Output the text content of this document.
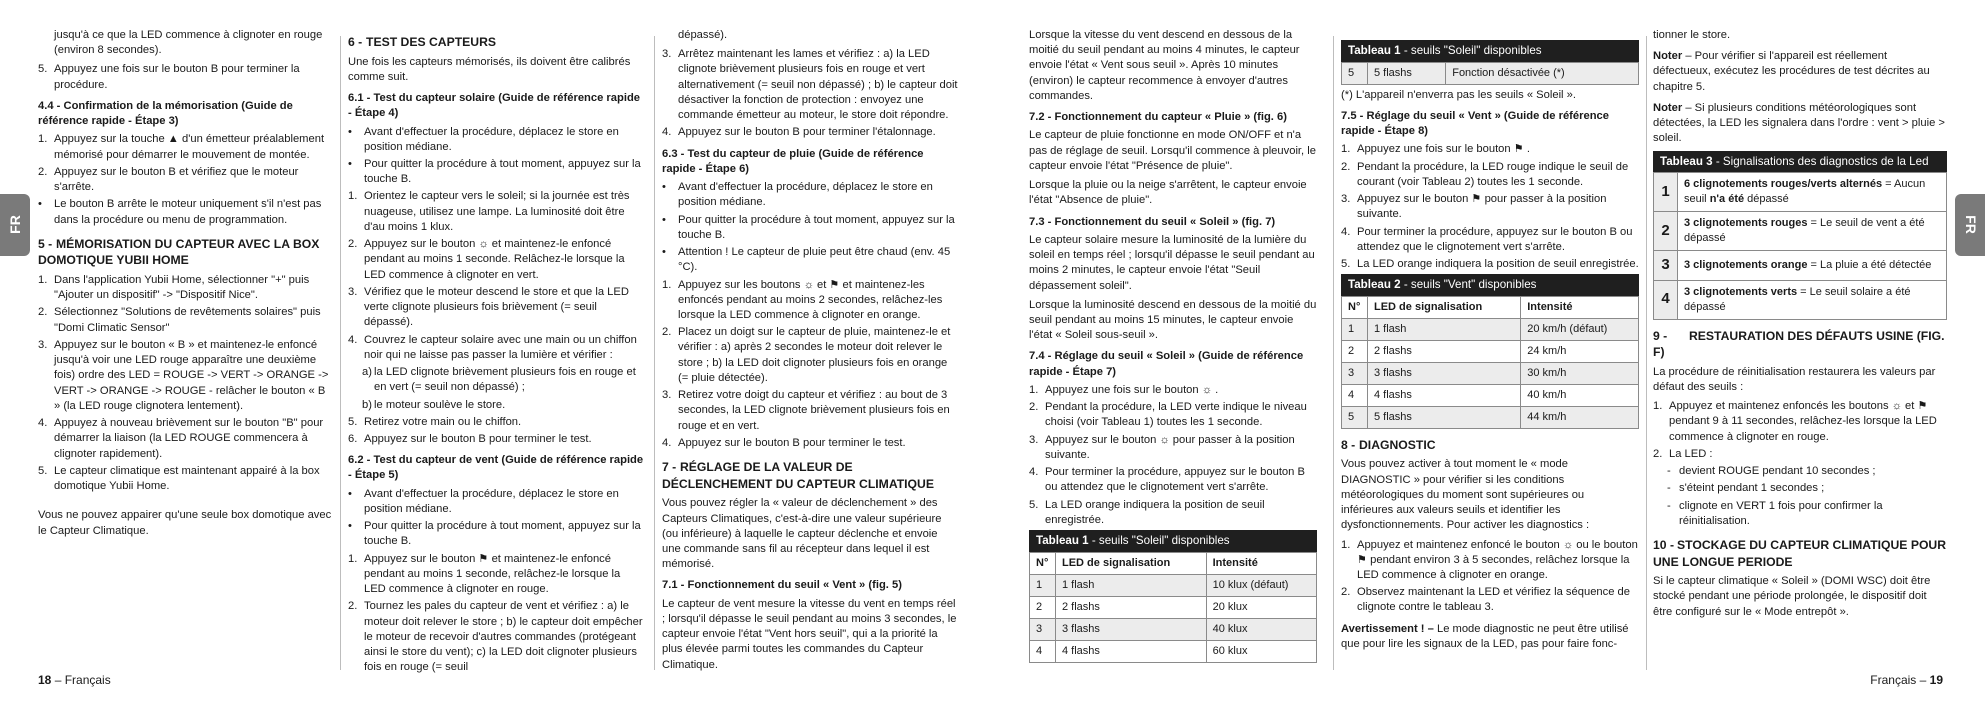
FR

jusqu'à ce que la LED commence à clignoter en rouge (environ 8 secondes).

5. Appuyez une fois sur le bouton B pour terminer la procédure.
4.4 - Confirmation de la mémorisation (Guide de référence rapide - Étape 3)
1. Appuyez sur la touche ▲ d'un émetteur préalablement mémorisé pour démarrer le mouvement de montée.
2. Appuyez sur le bouton B et vérifiez que le moteur s'arrête.
• Le bouton B arrête le moteur uniquement s'il n'est pas dans la procédure ou menu de programmation.
5 - MÉMORISATION DU CAPTEUR AVEC LA BOX DOMOTIQUE YUBII HOME
1. Dans l'application Yubii Home, sélectionner "+" puis "Ajouter un dispositif" -> "Dispositif Nice".
2. Sélectionnez "Solutions de revêtements solaires" puis "Domi Climatic Sensor"
3. Appuyez sur le bouton « B » et maintenez-le enfoncé jusqu'à voir une LED rouge apparaître une deuxième fois) ordre des LED = ROUGE -> VERT -> ORANGE -> VERT -> ORANGE -> ROUGE - relâcher le bouton « B » (la LED rouge clignotera lentement).
4. Appuyez à nouveau brièvement sur le bouton "B" pour démarrer la liaison (la LED ROUGE commencera à clignoter rapidement).
5. Le capteur climatique est maintenant appairé à la box domotique Yubii Home.

Vous ne pouvez appairer qu'une seule box domotique avec le Capteur Climatique.

6 - TEST DES CAPTEURS

Une fois les capteurs mémorisés, ils doivent être calibrés comme suit.

6.1 - Test du capteur solaire (Guide de référence rapide - Étape 4)
• Avant d'effectuer la procédure, déplacez le store en position médiane.
• Pour quitter la procédure à tout moment, appuyez sur la touche B.
1. Orientez le capteur vers le soleil; si la journée est très nuageuse, utilisez une lampe. La luminosité doit être d'au moins 1 klux.
2. Appuyez sur le bouton ☼ et maintenez-le enfoncé pendant au moins 1 seconde. Relâchez-le lorsque la LED commence à clignoter en vert.
3. Vérifiez que le moteur descend le store et que la LED verte clignote plusieurs fois brièvement (= seuil dépassé).
4. Couvrez le capteur solaire avec une main ou un chiffon noir qui ne laisse pas passer la lumière et vérifier :
a) la LED clignote brièvement plusieurs fois en rouge et en vert (= seuil non dépassé) ;
b) le moteur soulève le store.
5. Retirez votre main ou le chiffon.
6. Appuyez sur le bouton B pour terminer le test.
6.2 - Test du capteur de vent (Guide de référence rapide - Étape 5)
• Avant d'effectuer la procédure, déplacez le store en position médiane.
• Pour quitter la procédure à tout moment, appuyez sur la touche B.
1. Appuyez sur le bouton ⚑ et maintenez-le enfoncé pendant au moins 1 seconde, relâchez-le lorsque la LED commence à clignoter en rouge.
2. Tournez les pales du capteur de vent et vérifiez : a) le moteur doit relever le store ; b) le capteur doit empêcher le moteur de recevoir d'autres commandes (protégeant ainsi le store du vent); c) la LED doit clignoter plusieurs fois en rouge (= seuil

dépassé).

3. Arrêtez maintenant les lames et vérifiez : a) la LED clignote brièvement plusieurs fois en rouge et vert alternativement (= seuil non dépassé) ; b) le capteur doit désactiver la fonction de protection : envoyez une commande émetteur au moteur, le store doit répondre.
4. Appuyez sur le bouton B pour terminer l'étalonnage.
6.3 - Test du capteur de pluie (Guide de référence rapide - Étape 6)
• Avant d'effectuer la procédure, déplacez le store en position médiane.
• Pour quitter la procédure à tout moment, appuyez sur la touche B.
• Attention ! Le capteur de pluie peut être chaud (env. 45 °C).
1. Appuyez sur les boutons ☼ et ⚑ et maintenez-les enfoncés pendant au moins 2 secondes, relâchez-les lorsque la LED commence à clignoter en orange.
2. Placez un doigt sur le capteur de pluie, maintenez-le et vérifier : a) après 2 secondes le moteur doit relever le store ; b) la LED doit clignoter plusieurs fois en orange (= pluie détectée).
3. Retirez votre doigt du capteur et vérifiez : au bout de 3 secondes, la LED clignote brièvement plusieurs fois en rouge et en vert.
4. Appuyez sur le bouton B pour terminer le test.
7 - RÉGLAGE DE LA VALEUR DE DÉCLENCHEMENT DU CAPTEUR CLIMATIQUE

Vous pouvez régler la « valeur de déclenchement » des Capteurs Climatiques, c'est-à-dire une valeur supérieure (ou inférieure) à laquelle le capteur déclenche et envoie une commande sans fil au récepteur dans lequel il est mémorisé.

7.1 - Fonctionnement du seuil « Vent » (fig. 5)

Le capteur de vent mesure la vitesse du vent en temps réel ; lorsqu'il dépasse le seuil pendant au moins 3 secondes, le capteur envoie l'état "Vent hors seuil", qui a la priorité la plus élevée parmi toutes les commandes du Capteur Climatique.

18 – Français

Lorsque la vitesse du vent descend en dessous de la moitié du seuil pendant au moins 4 minutes, le capteur envoie l'état « Vent sous seuil ». Après 10 minutes (environ) le capteur recommence à envoyer d'autres commandes.

7.2 - Fonctionnement du capteur « Pluie » (fig. 6)

Le capteur de pluie fonctionne en mode ON/OFF et n'a pas de réglage de seuil. Lorsqu'il commence à pleuvoir, le capteur envoie l'état "Présence de pluie".

Lorsque la pluie ou la neige s'arrêtent, le capteur envoie l'état "Absence de pluie".

7.3 - Fonctionnement du seuil « Soleil » (fig. 7)

Le capteur solaire mesure la luminosité de la lumière du soleil en temps réel ; lorsqu'il dépasse le seuil pendant au moins 2 minutes, le capteur envoie l'état "Seuil dépassement soleil".

Lorsque la luminosité descend en dessous de la moitié du seuil pendant au moins 15 minutes, le capteur envoie l'état « Soleil sous-seuil ».

7.4 - Réglage du seuil « Soleil » (Guide de référence rapide - Étape 7)
1. Appuyez une fois sur le bouton ☼ .
2. Pendant la procédure, la LED verte indique le niveau choisi (voir Tableau 1) toutes les 1 seconde.
3. Appuyez sur le bouton ☼ pour passer à la position suivante.
4. Pour terminer la procédure, appuyez sur le bouton B ou attendez que le clignotement vert s'arrête.
5. La LED orange indiquera la position de seuil enregistrée.
Tableau 1 - seuils "Soleil" disponibles
N°	LED de signalisation	Intensité
1	1 flash	10 klux (défaut)
2	2 flashs	20 klux
3	3 flashs	40 klux
4	4 flashs	60 klux
Tableau 1 - seuils "Soleil" disponibles
5	5 flashs	Fonction désactivée (*)

(*) L'appareil n'enverra pas les seuils « Soleil ».

7.5 - Réglage du seuil « Vent » (Guide de référence rapide - Étape 8)
1. Appuyez une fois sur le bouton ⚑ .
2. Pendant la procédure, la LED rouge indique le seuil de courant (voir Tableau 2) toutes les 1 seconde.
3. Appuyez sur le bouton ⚑ pour passer à la position suivante.
4. Pour terminer la procédure, appuyez sur le bouton B ou attendez que le clignotement vert s'arrête.
5. La LED orange indiquera la position de seuil enregistrée.
Tableau 2 - seuils "Vent" disponibles
N°	LED de signalisation	Intensité
1	1 flash	20 km/h (défaut)
2	2 flashs	24 km/h
3	3 flashs	30 km/h
4	4 flashs	40 km/h
5	5 flashs	44 km/h
8 - DIAGNOSTIC

Vous pouvez activer à tout moment le « mode DIAGNOSTIC » pour vérifier si les conditions météorologiques du moment sont supérieures ou inférieures aux valeurs seuils et identifier les dysfonctionnements. Pour activer les diagnostics :

1. Appuyez et maintenez enfoncé le bouton ☼ ou le bouton ⚑ pendant environ 3 à 5 secondes, relâchez lorsque la LED commence à clignoter en orange.
2. Observez maintenant la LED et vérifiez la séquence de clignote contre le tableau 3.

Avertissement ! – Le mode diagnostic ne peut être utilisé que pour lire les signaux de la LED, pas pour faire fonc-

tionner le store.

Noter – Pour vérifier si l'appareil est réellement défectueux, exécutez les procédures de test décrites au chapitre 5.

Noter – Si plusieurs conditions météorologiques sont détectées, la LED les signalera dans l'ordre : vent > pluie > soleil.

Tableau 3 - Signalisations des diagnostics de la Led
1	6 clignotements rouges/verts alternés = Aucun seuil n'a été dépassé
2	3 clignotements rouges = Le seuil de vent a été dépassé
3	3 clignotements orange = La pluie a été détectée
4	3 clignotements verts = Le seuil solaire a été dépassé
9 - RESTAURATION DES DÉFAUTS USINE (FIG. F)

La procédure de réinitialisation restaurera les valeurs par défaut des seuils :

1. Appuyez et maintenez enfoncés les boutons ☼ et ⚑ pendant 9 à 11 secondes, relâchez-les lorsque la LED commence à clignoter en rouge.
2. La LED :
- devient ROUGE pendant 10 secondes ;
- s'éteint pendant 1 secondes ;
- clignote en VERT 1 fois pour confirmer la réinitialisation.
10 - STOCKAGE DU CAPTEUR CLIMATIQUE POUR UNE LONGUE PERIODE

Si le capteur climatique « Soleil » (DOMI WSC) doit être stocké pendant une période prolongée, le dispositif doit être configuré sur le « Mode entrepôt ».

FR
Français – 19
